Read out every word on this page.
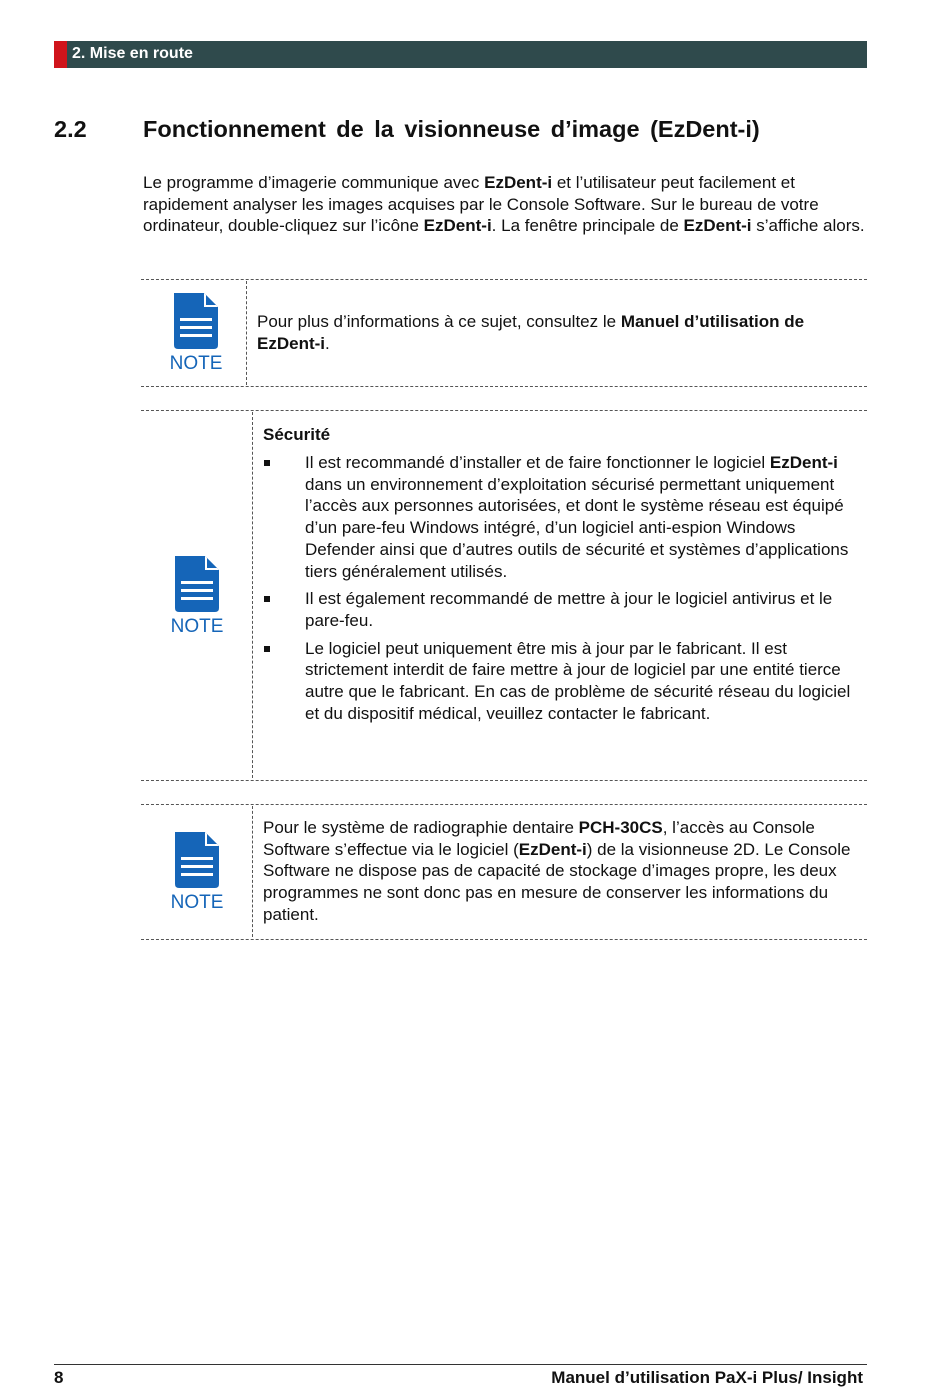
2. Mise en route
2.2 Fonctionnement de la visionneuse d’image (EzDent-i)
Le programme d’imagerie communique avec EzDent-i et l’utilisateur peut facilement et rapidement analyser les images acquises par le Console Software. Sur le bureau de votre ordinateur, double-cliquez sur l’icône EzDent-i. La fenêtre principale de EzDent-i s’affiche alors.
NOTE
Pour plus d’informations à ce sujet, consultez le Manuel d’utilisation de EzDent-i.
NOTE
Sécurité
Il est recommandé d’installer et de faire fonctionner le logiciel EzDent-i dans un environnement d’exploitation sécurisé permettant uniquement l’accès aux personnes autorisées, et dont le système réseau est équipé d’un pare-feu Windows intégré, d’un logiciel anti-espion Windows Defender ainsi que d’autres outils de sécurité et systèmes d’applications tiers généralement utilisés.
Il est également recommandé de mettre à jour le logiciel antivirus et le pare-feu.
Le logiciel peut uniquement être mis à jour par le fabricant. Il est strictement interdit de faire mettre à jour de logiciel par une entité tierce autre que le fabricant. En cas de problème de sécurité réseau du logiciel et du dispositif médical, veuillez contacter le fabricant.
NOTE
Pour le système de radiographie dentaire PCH-30CS, l’accès au Console Software s’effectue via le logiciel (EzDent-i) de la visionneuse 2D. Le Console Software ne dispose pas de capacité de stockage d’images propre, les deux programmes ne sont donc pas en mesure de conserver les informations du patient.
8	Manuel d’utilisation PaX-i Plus/ Insight
